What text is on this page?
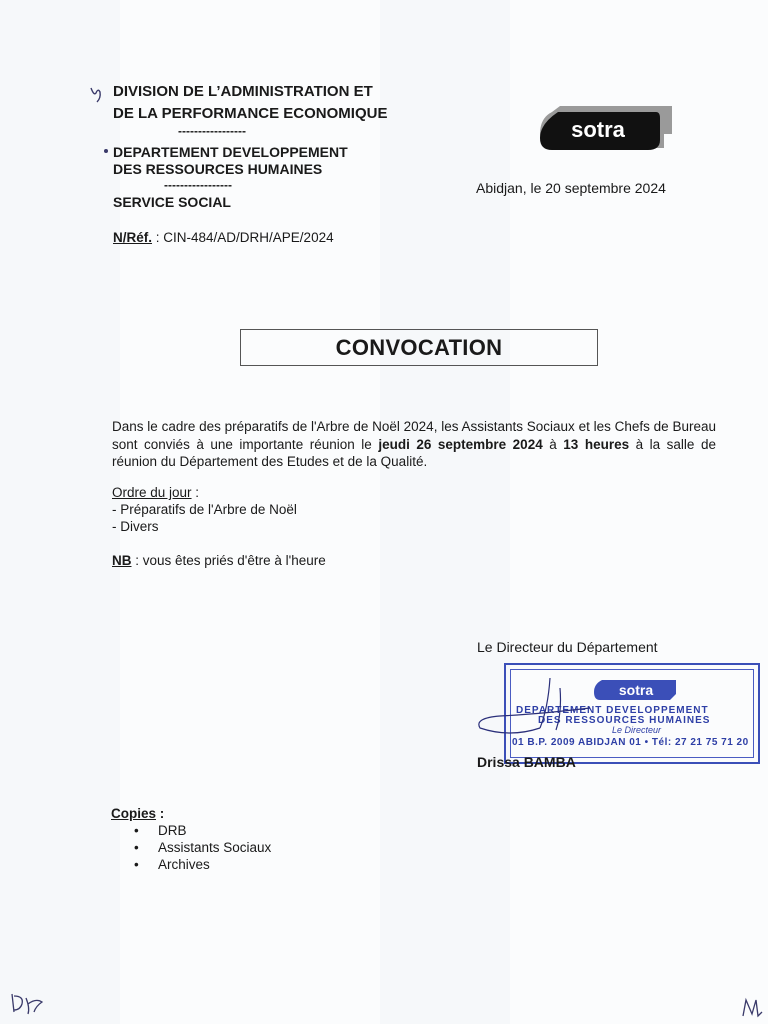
DIVISION DE L’ADMINISTRATION ET
DE LA PERFORMANCE ECONOMIQUE
-----------------
DEPARTEMENT DEVELOPPEMENT
DES RESSOURCES HUMAINES
-----------------
SERVICE SOCIAL
N/Réf. : CIN-484/AD/DRH/APE/2024
sotra
Abidjan, le 20 septembre 2024
CONVOCATION
Dans le cadre des préparatifs de l'Arbre de Noël 2024, les Assistants Sociaux et les Chefs de Bureau sont conviés à une importante réunion le jeudi 26 septembre 2024 à 13 heures à la salle de réunion du Département des Etudes et de la Qualité.
Ordre du jour :
- Préparatifs de l'Arbre de Noël
- Divers
NB : vous êtes priés d'être à l'heure
Le Directeur du Département
sotra
DEPARTEMENT DEVELOPPEMENT
DES RESSOURCES HUMAINES
Le Directeur
01 B.P. 2009 ABIDJAN 01 • Tél: 27 21 75 71 20
Drissa BAMBA
Copies :
• DRB
• Assistants Sociaux
• Archives
